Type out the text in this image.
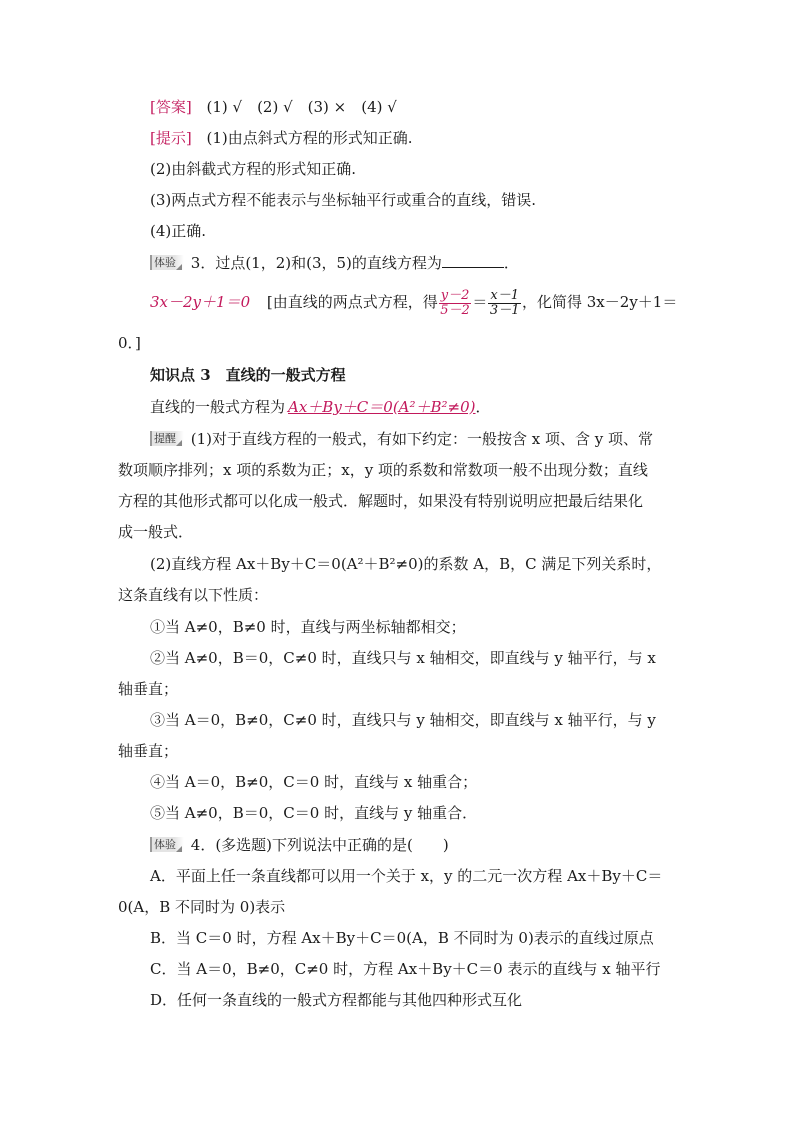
[答案] (1) √　(2) √　(3) ×　(4) √
[提示] (1)由点斜式方程的形式知正确.
(2)由斜截式方程的形式知正确.
(3)两点式方程不能表示与坐标轴平行或重合的直线，错误.
(4)正确.
体验 3．过点(1，2)和(3，5)的直线方程为	．
3x－2y＋1＝0 [由直线的两点式方程，得 $\frac{y-2}{5-2} = \frac{x-1}{3-1}$ ，化简得 3x－2y＋1＝
0．]
知识点 3　直线的一般式方程
直线的一般式方程为 Ax＋By＋C＝0(A²＋B²≠0)．
提醒 (1)对于直线方程的一般式，有如下约定：一般按含 x 项、含 y 项、常
数项顺序排列；x 项的系数为正；x，y 项的系数和常数项一般不出现分数；直线
方程的其他形式都可以化成一般式．解题时，如果没有特别说明应把最后结果化
成一般式．
(2)直线方程 Ax＋By＋C＝0(A²＋B²≠0)的系数 A，B，C 满足下列关系时，
这条直线有以下性质：
①当 A≠0，B≠0 时，直线与两坐标轴都相交；
②当 A≠0，B＝0，C≠0 时，直线只与 x 轴相交，即直线与 y 轴平行，与 x
轴垂直；
③当 A＝0，B≠0，C≠0 时，直线只与 y 轴相交，即直线与 x 轴平行，与 y
轴垂直；
④当 A＝0，B≠0，C＝0 时，直线与 x 轴重合；
⑤当 A≠0，B＝0，C＝0 时，直线与 y 轴重合．
体验 4．(多选题)下列说法中正确的是(　　)
A．平面上任一条直线都可以用一个关于 x，y 的二元一次方程 Ax＋By＋C＝
0(A，B 不同时为 0)表示
B．当 C＝0 时，方程 Ax＋By＋C＝0(A，B 不同时为 0)表示的直线过原点
C．当 A＝0，B≠0，C≠0 时，方程 Ax＋By＋C＝0 表示的直线与 x 轴平行
D．任何一条直线的一般式方程都能与其他四种形式互化
